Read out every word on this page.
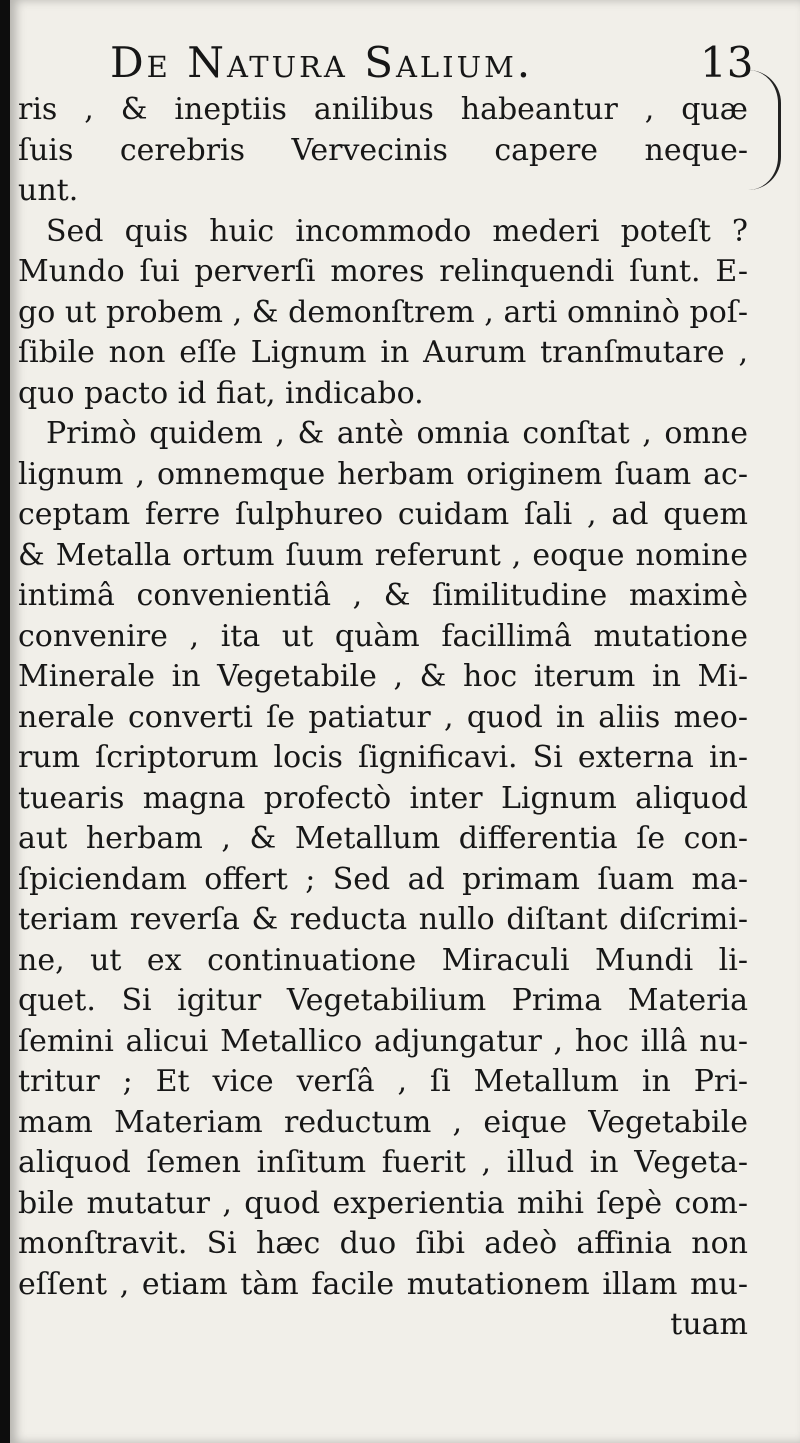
De Natura Salium.	13
ris , & ineptiis anilibus habeantur , quæ
ſuis cerebris Vervecinis capere neque-
unt.
Sed quis huic incommodo mederi poteſt ?
Mundo ſui perverſi mores relinquendi ſunt. E-
go ut probem , & demonſtrem , arti omninò poſ-
ſibile non eſſe Lignum in Aurum tranſmutare ,
quo pacto id fiat, indicabo.
Primò quidem , & antè omnia conſtat , omne
lignum , omnemque herbam originem ſuam ac-
ceptam ferre ſulphureo cuidam ſali , ad quem
& Metalla ortum ſuum referunt , eoque nomine
intimâ convenientiâ , & ſimilitudine maximè
convenire , ita ut quàm facillimâ mutatione
Minerale in Vegetabile , & hoc iterum in Mi-
nerale converti ſe patiatur , quod in aliis meo-
rum ſcriptorum locis ſignificavi. Si externa in-
tuearis magna profectò inter Lignum aliquod
aut herbam , & Metallum differentia ſe con-
ſpiciendam offert ; Sed ad primam ſuam ma-
teriam reverſa & reducta nullo diſtant diſcrimi-
ne, ut ex continuatione Miraculi Mundi li-
quet. Si igitur Vegetabilium Prima Materia
ſemini alicui Metallico adjungatur , hoc illâ nu-
tritur ; Et vice verſâ , ſi Metallum in Pri-
mam Materiam reductum , eique Vegetabile
aliquod ſemen inſitum fuerit , illud in Vegeta-
bile mutatur , quod experientia mihi ſepè com-
monſtravit. Si hæc duo ſibi adeò affinia non
eſſent , etiam tàm facile mutationem illam mu-
tuam
